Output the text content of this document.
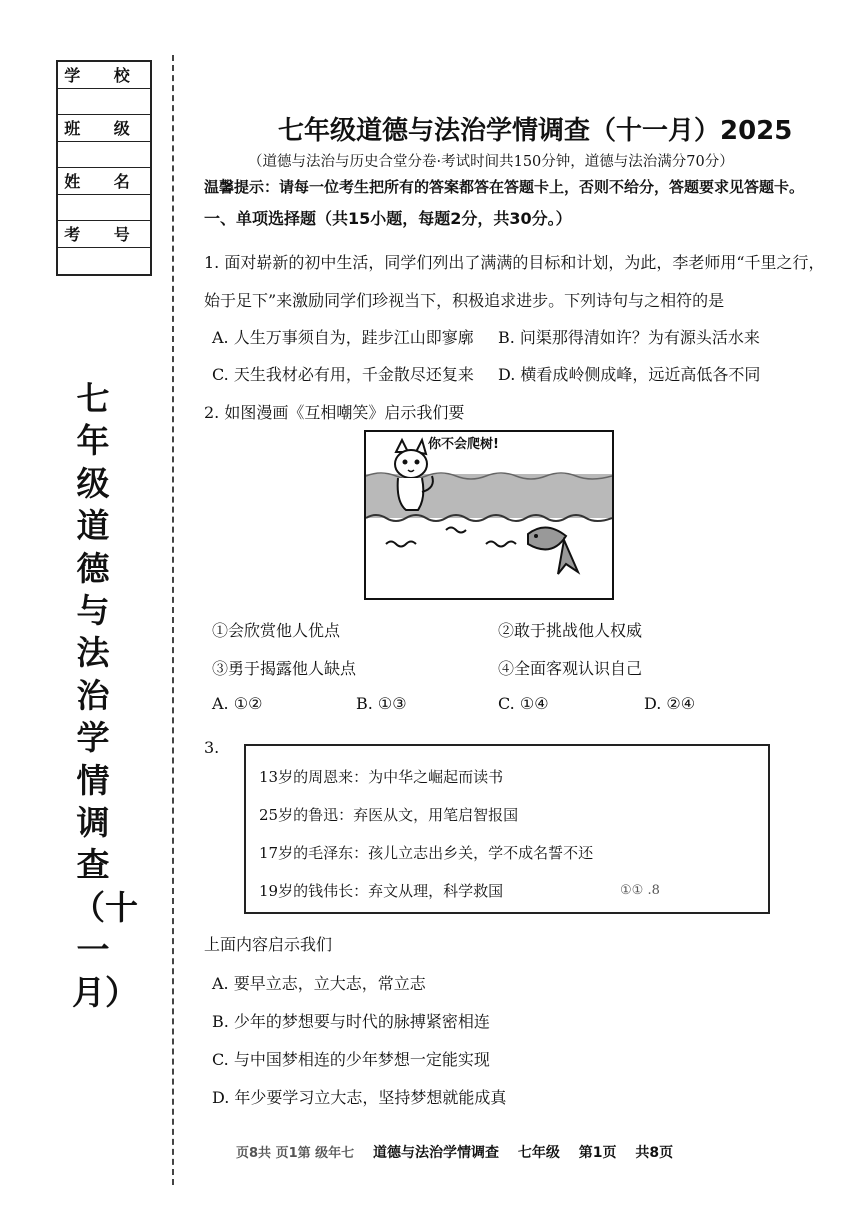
学 校
班 级
姓 名
考 号
七年级道德与法治学情调查（十一月）
七年级道德与法治学情调查（十一月）2025
（道德与法治与历史合堂分卷·考试时间共150分钟，道德与法治满分70分）
温馨提示：请每一位考生把所有的答案都答在答题卡上，否则不给分，答题要求见答题卡。
一、单项选择题（共15小题，每题2分，共30分。）
1. 面对崭新的初中生活，同学们列出了满满的目标和计划，为此，李老师用“千里之行，
始于足下”来激励同学们珍视当下，积极追求进步。下列诗句与之相符的是
A. 人生万事须自为，跬步江山即寥廓 B. 问渠那得清如许？为有源头活水来
C. 天生我材必有用，千金散尽还复来 D. 横看成岭侧成峰，远近高低各不同
2. 如图漫画《互相嘲笑》启示我们要
你不会爬树!
①会欣赏他人优点	②敢于挑战他人权威
③勇于揭露他人缺点	④全面客观认识自己
A. ①②	B. ①③	C. ①④	D. ②④
3.
13岁的周恩来：为中华之崛起而读书
25岁的鲁迅：弃医从文，用笔启智报国
17岁的毛泽东：孩儿立志出乡关，学不成名誓不还
19岁的钱伟长：弃文从理，科学救国	①① .8
上面内容启示我们
A. 要早立志，立大志，常立志
B. 少年的梦想要与时代的脉搏紧密相连
C. 与中国梦相连的少年梦想一定能实现
D. 年少要学习立大志，坚持梦想就能成真
页8共 页1第 级年七 道德与法治学情调查 七年级 第1页 共8页
